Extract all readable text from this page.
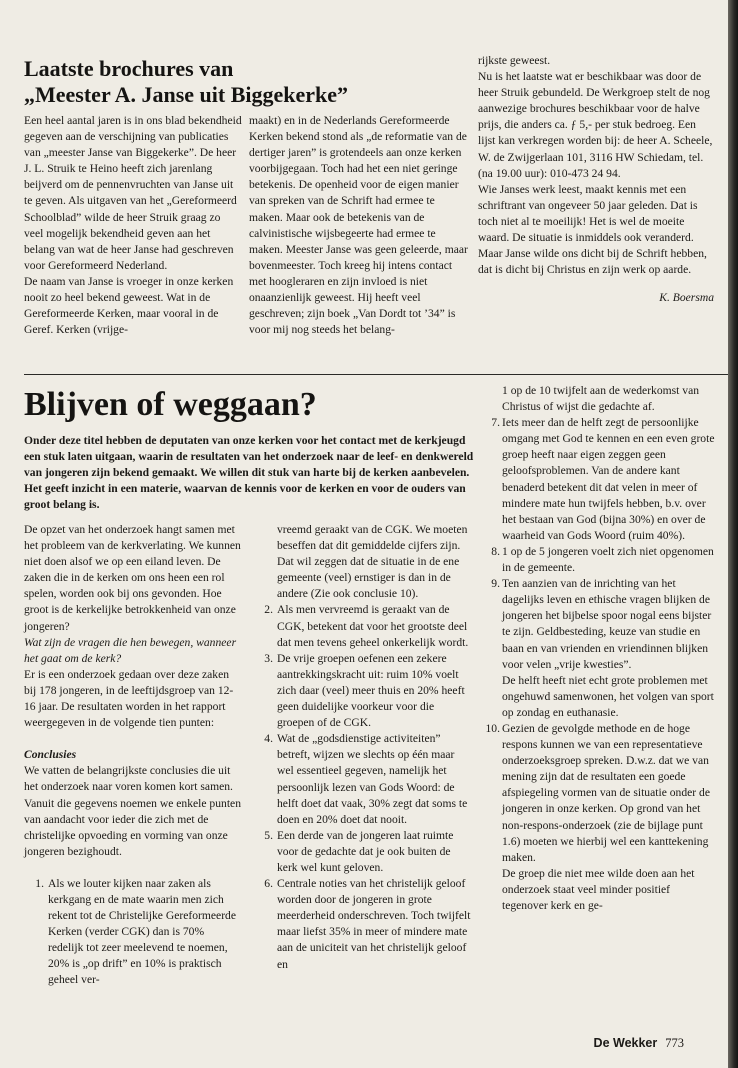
Laatste brochures van
„Meester A. Janse uit Biggekerke”

Een heel aantal jaren is in ons blad bekendheid gegeven aan de verschijning van publicaties van „meester Janse van Biggekerke”. De heer J. L. Struik te Heino heeft zich jarenlang beijverd om de pennenvruchten van Janse uit te geven. Als uitgaven van het „Gereformeerd Schoolblad” wilde de heer Struik graag zo veel mogelijk bekendheid geven aan het belang van wat de heer Janse had geschreven voor Gereformeerd Nederland.

De naam van Janse is vroeger in onze kerken nooit zo heel bekend geweest. Wat in de Gereformeerde Kerken, maar vooral in de Geref. Kerken (vrijge-

maakt) en in de Nederlands Gereformeerde Kerken bekend stond als „de reformatie van de dertiger jaren” is grotendeels aan onze kerken voorbijgegaan. Toch had het een niet geringe betekenis. De openheid voor de eigen manier van spreken van de Schrift had ermee te maken. Maar ook de betekenis van de calvinistische wijsbegeerte had ermee te maken. Meester Janse was geen geleerde, maar bovenmeester. Toch kreeg hij intens contact met hoogleraren en zijn invloed is niet onaanzienlijk geweest. Hij heeft veel geschreven; zijn boek „Van Dordt tot ’34” is voor mij nog steeds het belang-

rijkste geweest.

Nu is het laatste wat er beschikbaar was door de heer Struik gebundeld. De Werkgroep stelt de nog aanwezige brochures beschikbaar voor de halve prijs, die anders ca. ƒ 5,- per stuk bedroeg. Een lijst kan verkregen worden bij: de heer A. Scheele, W. de Zwijgerlaan 101, 3116 HW Schiedam, tel. (na 19.00 uur): 010-473 24 94.

Wie Janses werk leest, maakt kennis met een schriftrant van ongeveer 50 jaar geleden. Dat is toch niet al te moeilijk! Het is wel de moeite waard. De situatie is inmiddels ook veranderd. Maar Janse wilde ons dicht bij de Schrift hebben, dat is dicht bij Christus en zijn werk op aarde.

K. Boersma

Blijven of weggaan?

Onder deze titel hebben de deputaten van onze kerken voor het contact met de kerkjeugd een stuk laten uitgaan, waarin de resultaten van het onderzoek naar de leef- en denkwereld van jongeren zijn bekend gemaakt. We willen dit stuk van harte bij de kerken aanbevelen. Het geeft inzicht in een materie, waarvan de kennis voor de kerken en voor de ouders van groot belang is.

De opzet van het onderzoek hangt samen met het probleem van de kerkverlating. We kunnen niet doen alsof we op een eiland leven. De zaken die in de kerken om ons heen een rol spelen, worden ook bij ons gevonden. Hoe groot is de kerkelijke betrokkenheid van onze jongeren?

Wat zijn de vragen die hen bewegen, wanneer het gaat om de kerk?

Er is een onderzoek gedaan over deze zaken bij 178 jongeren, in de leeftijdsgroep van 12-16 jaar. De resultaten worden in het rapport weergegeven in de volgende tien punten:

Conclusies

We vatten de belangrijkste conclusies die uit het onderzoek naar voren komen kort samen. Vanuit die gegevens noemen we enkele punten van aandacht voor ieder die zich met de christelijke opvoeding en vorming van onze jongeren bezighoudt.

1. Als we louter kijken naar zaken als kerkgang en de mate waarin men zich rekent tot de Christelijke Gereformeerde Kerken (verder CGK) dan is 70% redelijk tot zeer meelevend te noemen, 20% is „op drift” en 10% is praktisch geheel ver-

vreemd geraakt van de CGK. We moeten beseffen dat dit gemiddelde cijfers zijn. Dat wil zeggen dat de situatie in de ene gemeente (veel) ernstiger is dan in de andere (Zie ook conclusie 10).

2. Als men vervreemd is geraakt van de CGK, betekent dat voor het grootste deel dat men tevens geheel onkerkelijk wordt.
3. De vrije groepen oefenen een zekere aantrekkingskracht uit: ruim 10% voelt zich daar (veel) meer thuis en 20% heeft geen duidelijke voorkeur voor die groepen of de CGK.
4. Wat de „godsdienstige activiteiten” betreft, wijzen we slechts op één maar wel essentieel gegeven, namelijk het persoonlijk lezen van Gods Woord: de helft doet dat vaak, 30% zegt dat soms te doen en 20% doet dat nooit.
5. Een derde van de jongeren laat ruimte voor de gedachte dat je ook buiten de kerk wel kunt geloven.
6. Centrale noties van het christelijk geloof worden door de jongeren in grote meerderheid onderschreven. Toch twijfelt maar liefst 35% in meer of mindere mate aan de uniciteit van het christelijk geloof en

1 op de 10 twijfelt aan de wederkomst van Christus of wijst die gedachte af.

7. Iets meer dan de helft zegt de persoonlijke omgang met God te kennen en een even grote groep heeft naar eigen zeggen geen geloofsproblemen. Van de andere kant benaderd betekent dit dat velen in meer of mindere mate hun twijfels hebben, b.v. over het bestaan van God (bijna 30%) en over de waarheid van Gods Woord (ruim 40%).
8. 1 op de 5 jongeren voelt zich niet opgenomen in de gemeente.
9. Ten aanzien van de inrichting van het dagelijks leven en ethische vragen blijken de jongeren het bijbelse spoor nogal eens bijster te zijn. Geldbesteding, keuze van studie en baan en van vrienden en vriendinnen blijken voor velen „vrije kwesties”.

De helft heeft niet echt grote problemen met ongehuwd samenwonen, het volgen van sport op zondag en euthanasie.

10. Gezien de gevolgde methode en de hoge respons kunnen we van een representatieve onderzoeksgroep spreken. D.w.z. dat we van mening zijn dat de resultaten een goede afspiegeling vormen van de situatie onder de jongeren in onze kerken. Op grond van het non-respons-onderzoek (zie de bijlage punt 1.6) moeten we hierbij wel een kanttekening maken.

De groep die niet mee wilde doen aan het onderzoek staat veel minder positief tegenover kerk en ge-

De Wekker 773
